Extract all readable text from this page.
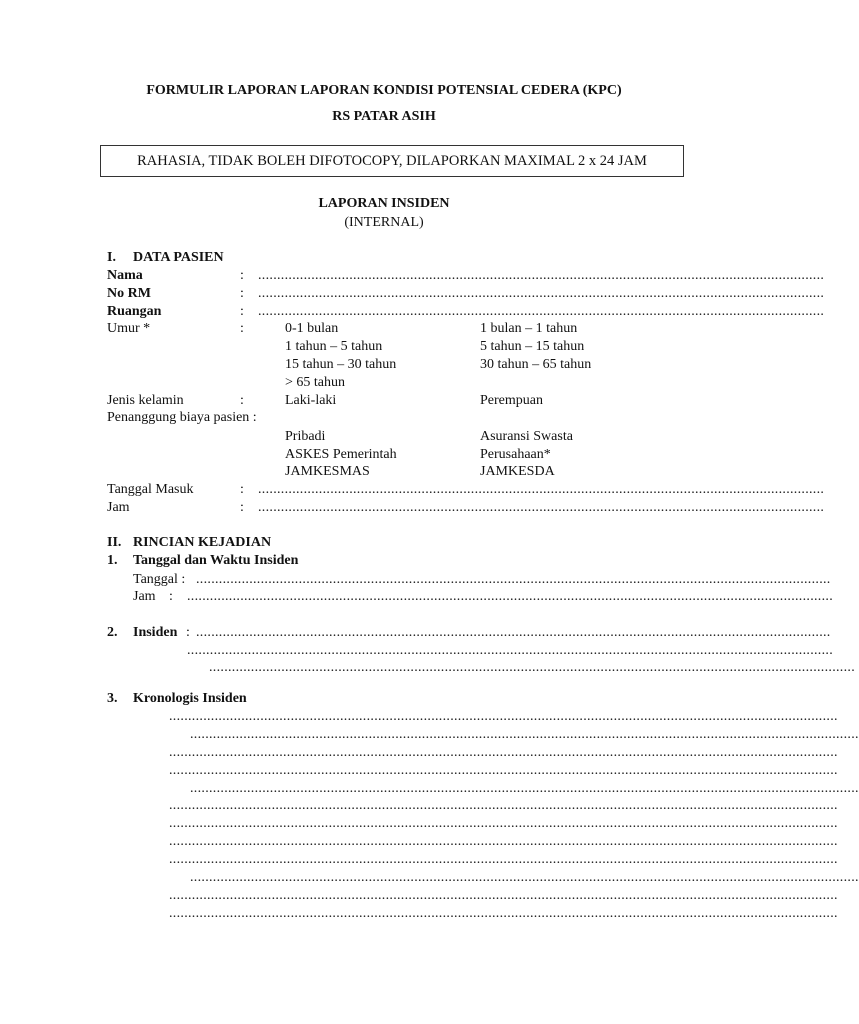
FORMULIR LAPORAN LAPORAN KONDISI POTENSIAL CEDERA (KPC)
RS PATAR ASIH
RAHASIA, TIDAK BOLEH DIFOTOCOPY, DILAPORKAN MAXIMAL 2 x 24 JAM
LAPORAN INSIDEN
(INTERNAL)
I. DATA PASIEN
Nama	: .....................................................................................................................................................
No RM	: .....................................................................................................................................................
Ruangan	: .....................................................................................................................................................
Umur *	:	0-1 bulan	1 bulan – 1 tahun
1 tahun – 5 tahun	5 tahun – 15 tahun
15 tahun – 30 tahun	30 tahun – 65 tahun
> 65 tahun
Jenis kelamin	:	Laki-laki	Perempuan
Penanggung biaya pasien :
Pribadi	Asuransi Swasta
ASKES Pemerintah	Perusahaan*
JAMKESMAS	JAMKESDA
Tanggal Masuk	: .....................................................................................................................................................
Jam	: .....................................................................................................................................................
II. RINCIAN KEJADIAN
1. Tanggal dan Waktu Insiden
Tanggal : .......................................................................................................................................................................
Jam : ..........................................................................................................................................................................
2. Insiden : .......................................................................................................................................................................
..........................................................................................................................................................................
..........................................................................................................................................................................
3. Kronologis Insiden
................................................................................................................................................................................
................................................................................................................................................................................
................................................................................................................................................................................
................................................................................................................................................................................
................................................................................................................................................................................
................................................................................................................................................................................
................................................................................................................................................................................
................................................................................................................................................................................
................................................................................................................................................................................
................................................................................................................................................................................
................................................................................................................................................................................
................................................................................................................................................................................
